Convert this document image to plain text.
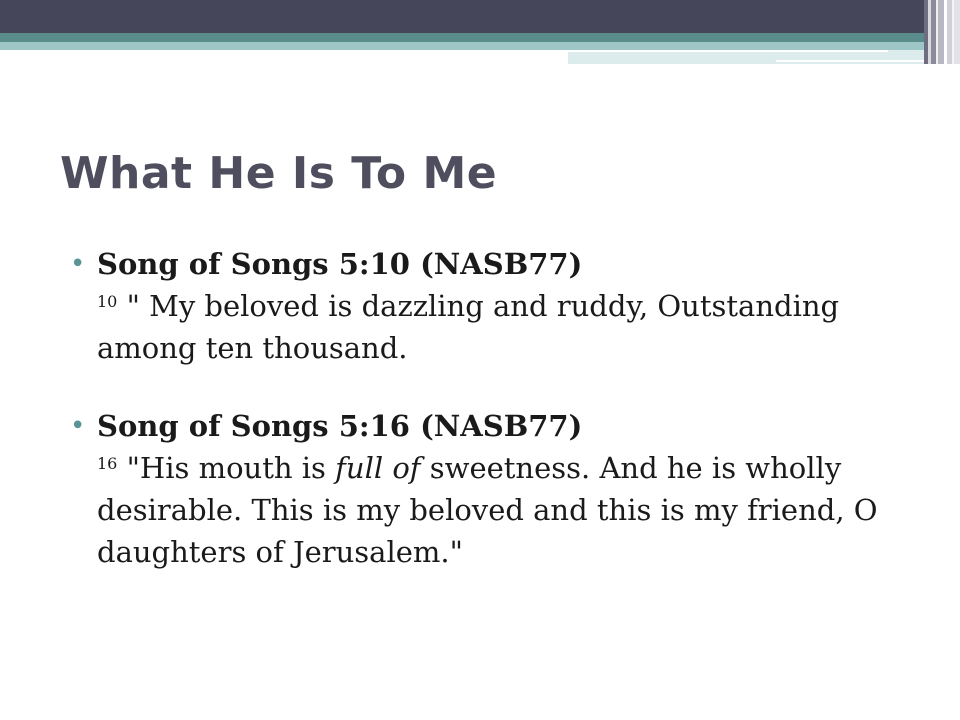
What He Is To Me
• Song of Songs 5:10 (NASB77)
$^{10}$ " My beloved is dazzling and ruddy, Outstanding among ten thousand.
• Song of Songs 5:16 (NASB77)
$^{16}$ "His mouth is full of sweetness. And he is wholly desirable. This is my beloved and this is my friend, O daughters of Jerusalem."
